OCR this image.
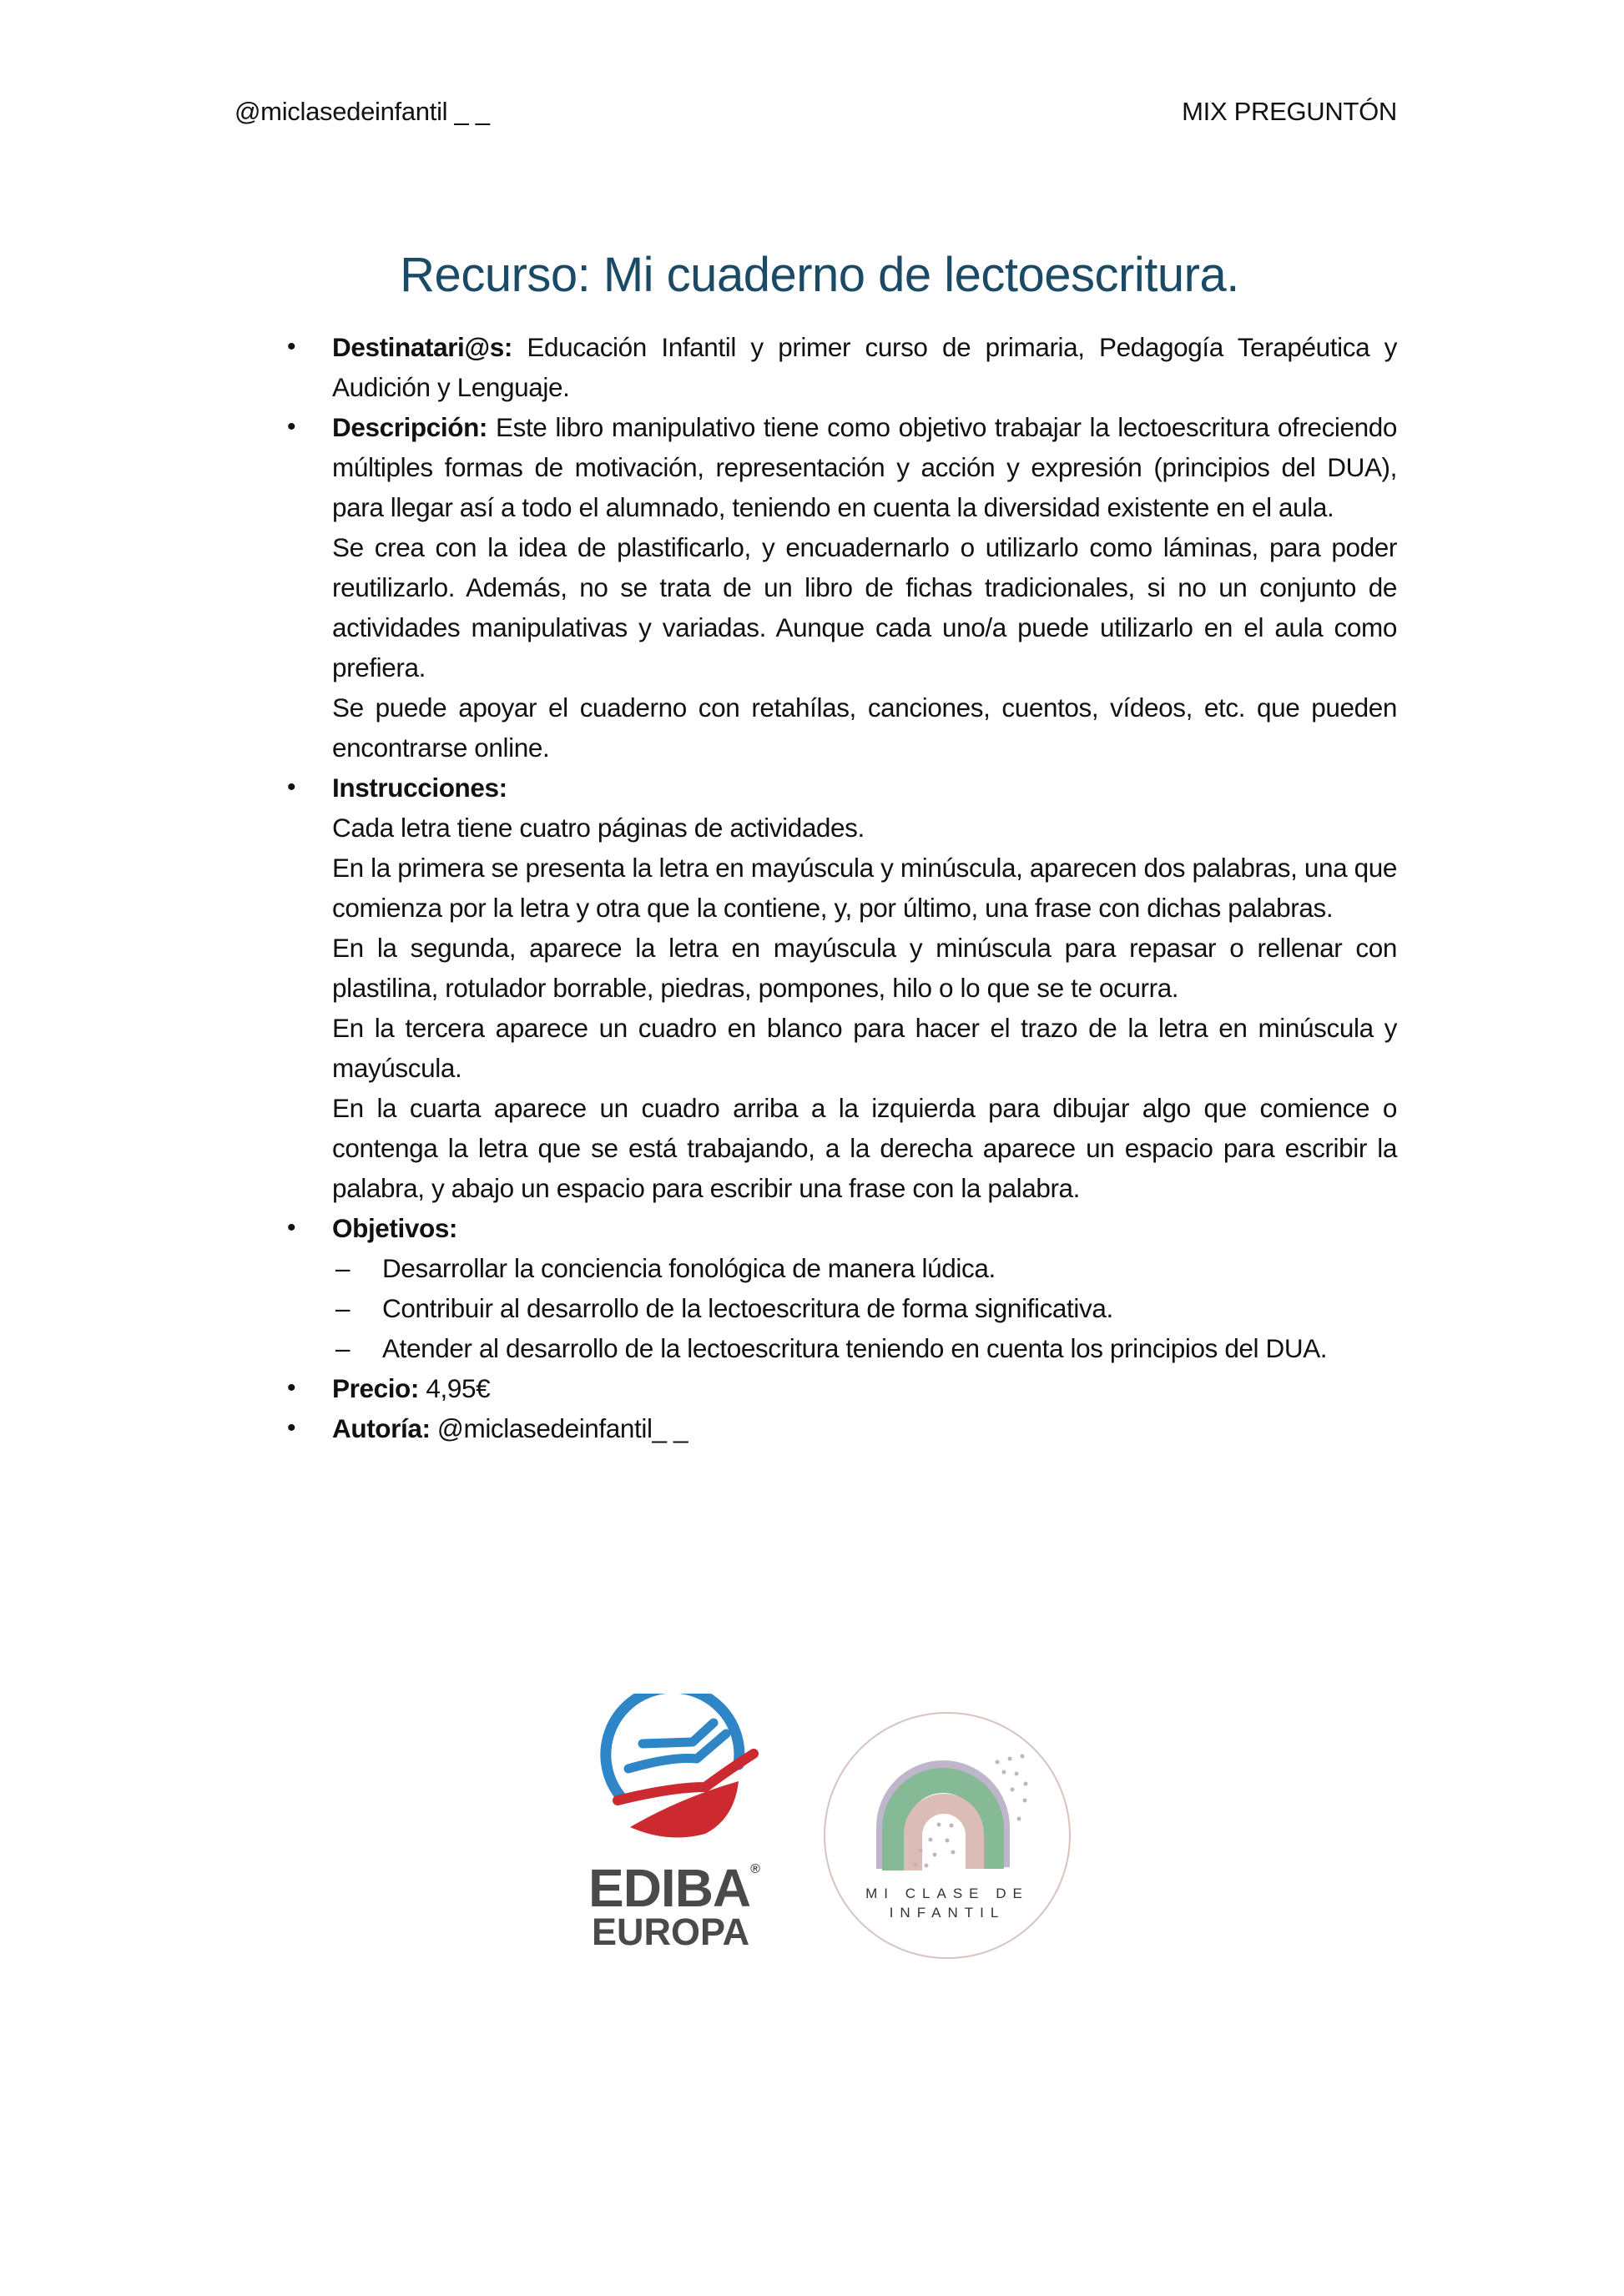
@miclasedeinfantil _ _	MIX PREGUNTÓN
Recurso: Mi cuaderno de lectoescritura.
• Destinatari@s: Educación Infantil y primer curso de primaria, Pedagogía Terapéutica y Audición y Lenguaje.

• Descripción: Este libro manipulativo tiene como objetivo trabajar la lectoescritura ofreciendo múltiples formas de motivación, representación y acción y expresión (principios del DUA), para llegar así a todo el alumnado, teniendo en cuenta la diversidad existente en el aula.

Se crea con la idea de plastificarlo, y encuadernarlo o utilizarlo como láminas, para poder reutilizarlo. Además, no se trata de un libro de fichas tradicionales, si no un conjunto de actividades manipulativas y variadas. Aunque cada uno/a puede utilizarlo en el aula como prefiera.

Se puede apoyar el cuaderno con retahílas, canciones, cuentos, vídeos, etc. que pueden encontrarse online.

• Instrucciones:

Cada letra tiene cuatro páginas de actividades.

En la primera se presenta la letra en mayúscula y minúscula, aparecen dos palabras, una que comienza por la letra y otra que la contiene, y, por último, una frase con dichas palabras.

En la segunda, aparece la letra en mayúscula y minúscula para repasar o rellenar con plastilina, rotulador borrable, piedras, pompones, hilo o lo que se te ocurra.

En la tercera aparece un cuadro en blanco para hacer el trazo de la letra en minúscula y mayúscula.

En la cuarta aparece un cuadro arriba a la izquierda para dibujar algo que comience o contenga la letra que se está trabajando, a la derecha aparece un espacio para escribir la palabra, y abajo un espacio para escribir una frase con la palabra.

• Objetivos:

– Desarrollar la conciencia fonológica de manera lúdica.
– Contribuir al desarrollo de la lectoescritura de forma significativa.
– Atender al desarrollo de la lectoescritura teniendo en cuenta los principios del DUA.
• Precio: 4,95€

• Autoría: @miclasedeinfantil_ _

EDIBA®
EUROPA
MI CLASE DE
INFANTIL
